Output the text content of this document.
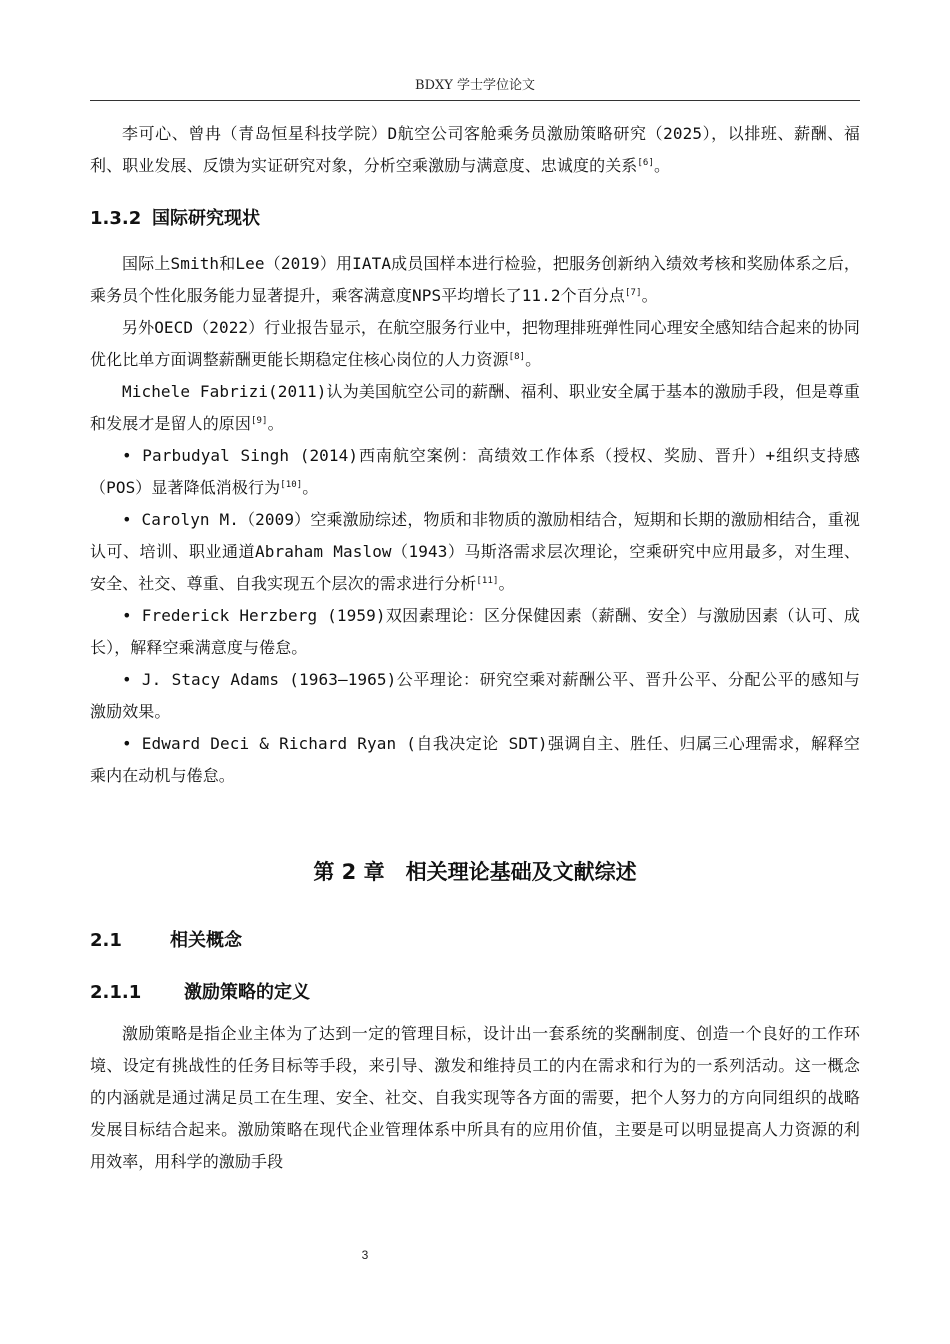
BDXY 学士学位论文

李可心、曾冉（青岛恒星科技学院）D航空公司客舱乘务员激励策略研究（2025），以排班、薪酬、福利、职业发展、反馈为实证研究对象，分析空乘激励与满意度、忠诚度的关系[6]。

1.3.2 国际研究现状

国际上Smith和Lee（2019）用IATA成员国样本进行检验，把服务创新纳入绩效考核和奖励体系之后，乘务员个性化服务能力显著提升，乘客满意度NPS平均增长了11.2个百分点[7]。

另外OECD（2022）行业报告显示，在航空服务行业中，把物理排班弹性同心理安全感知结合起来的协同优化比单方面调整薪酬更能长期稳定住核心岗位的人力资源[8]。

Michele Fabrizi(2011)认为美国航空公司的薪酬、福利、职业安全属于基本的激励手段，但是尊重和发展才是留人的原因[9]。

• Parbudyal Singh (2014)西南航空案例：高绩效工作体系（授权、奖励、晋升）+组织支持感（POS）显著降低消极行为[10]。

• Carolyn M.（2009）空乘激励综述，物质和非物质的激励相结合，短期和长期的激励相结合，重视认可、培训、职业通道Abraham Maslow（1943）马斯洛需求层次理论，空乘研究中应用最多，对生理、安全、社交、尊重、自我实现五个层次的需求进行分析[11]。

• Frederick Herzberg (1959)双因素理论：区分保健因素（薪酬、安全）与激励因素（认可、成长），解释空乘满意度与倦怠。

• J. Stacy Adams (1963–1965)公平理论：研究空乘对薪酬公平、晋升公平、分配公平的感知与激励效果。

• Edward Deci & Richard Ryan (自我决定论 SDT)强调自主、胜任、归属三心理需求，解释空乘内在动机与倦怠。

第 2 章　相关理论基础及文献综述
2.1	相关概念
2.1.1 激励策略的定义

激励策略是指企业主体为了达到一定的管理目标，设计出一套系统的奖酬制度、创造一个良好的工作环境、设定有挑战性的任务目标等手段，来引导、激发和维持员工的内在需求和行为的一系列活动。这一概念的内涵就是通过满足员工在生理、安全、社交、自我实现等各方面的需要，把个人努力的方向同组织的战略发展目标结合起来。激励策略在现代企业管理体系中所具有的应用价值，主要是可以明显提高人力资源的利用效率，用科学的激励手段

3
